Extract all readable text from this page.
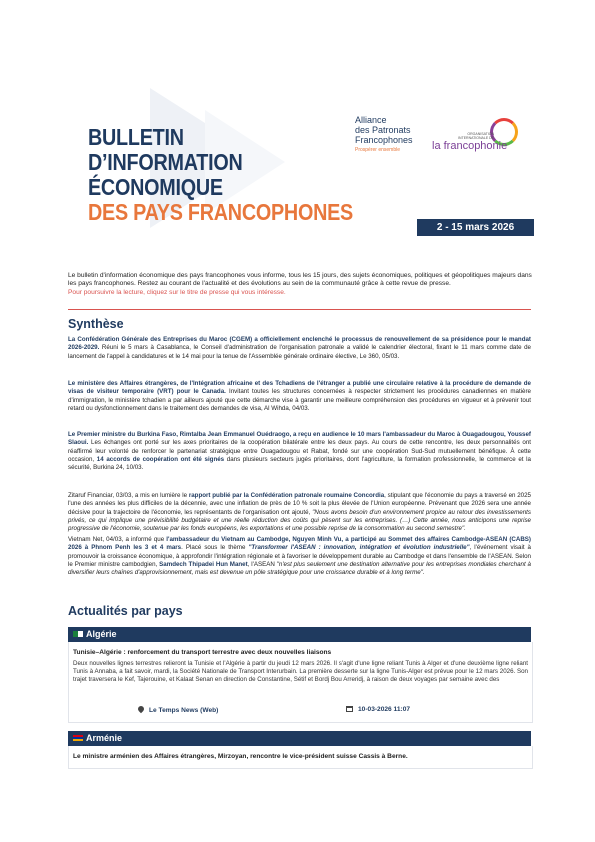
BULLETIN
D’INFORMATION
ÉCONOMIQUE
DES PAYS FRANCOPHONES
Alliance
des Patronats
Francophones
Prospérer ensemble
ORGANISATION INTERNATIONALE DE
la francophonie
2 - 15 mars 2026
Le bulletin d'information économique des pays francophones vous informe, tous les 15 jours, des sujets économiques, politiques et géopolitiques majeurs dans les pays francophones. Restez au courant de l'actualité et des évolutions au sein de la communauté grâce à cette revue de presse.
Pour poursuivre la lecture, cliquez sur le titre de presse qui vous intéresse.
Synthèse

La Confédération Générale des Entreprises du Maroc (CGEM) a officiellement enclenché le processus de renouvellement de sa présidence pour le mandat 2026-2029. Réuni le 5 mars à Casablanca, le Conseil d'administration de l'organisation patronale a validé le calendrier électoral, fixant le 11 mars comme date de lancement de l'appel à candidatures et le 14 mai pour la tenue de l'Assemblée générale ordinaire élective, Le 360, 05/03.

Le ministère des Affaires étrangères, de l'Intégration africaine et des Tchadiens de l'étranger a publié une circulaire relative à la procédure de demande de visas de visiteur temporaire (VRT) pour le Canada. Invitant toutes les structures concernées à respecter strictement les procédures canadiennes en matière d'immigration, le ministère tchadien a par ailleurs ajouté que cette démarche vise à garantir une meilleure compréhension des procédures en vigueur et à prévenir tout retard ou dysfonctionnement dans le traitement des demandes de visa, Al Wihda, 04/03.

Le Premier ministre du Burkina Faso, Rimtalba Jean Emmanuel Ouédraogo, a reçu en audience le 10 mars l'ambassadeur du Maroc à Ouagadougou, Youssef Slaoui. Les échanges ont porté sur les axes prioritaires de la coopération bilatérale entre les deux pays. Au cours de cette rencontre, les deux personnalités ont réaffirmé leur volonté de renforcer le partenariat stratégique entre Ouagadougou et Rabat, fondé sur une coopération Sud-Sud mutuellement bénéfique. À cette occasion, 14 accords de coopération ont été signés dans plusieurs secteurs jugés prioritaires, dont l'agriculture, la formation professionnelle, le commerce et la sécurité, Burkina 24, 10/03.

Zitaruf Financiar, 03/03, a mis en lumière le rapport publié par la Confédération patronale roumaine Concordia, stipulant que l'économie du pays a traversé en 2025 l'une des années les plus difficiles de la décennie, avec une inflation de près de 10 % soit la plus élevée de l'Union européenne. Prévenant que 2026 sera une année décisive pour la trajectoire de l'économie, les représentants de l'organisation ont ajouté, "Nous avons besoin d'un environnement propice au retour des investissements privés, ce qui implique une prévisibilité budgétaire et une réelle réduction des coûts qui pèsent sur les entreprises. (…) Cette année, nous anticipons une reprise progressive de l'économie, soutenue par les fonds européens, les exportations et une possible reprise de la consommation au second semestre".

Vietnam Net, 04/03, a informé que l'ambassadeur du Vietnam au Cambodge, Nguyen Minh Vu, a participé au Sommet des affaires Cambodge-ASEAN (CABS) 2026 à Phnom Penh les 3 et 4 mars. Placé sous le thème "Transformer l'ASEAN : innovation, intégration et évolution industrielle", l'événement visait à promouvoir la croissance économique, à approfondir l'intégration régionale et à favoriser le développement durable au Cambodge et dans l'ensemble de l'ASEAN. Selon le Premier ministre cambodgien, Samdech Thipadei Hun Manet, l'ASEAN "n'est plus seulement une destination alternative pour les entreprises mondiales cherchant à diversifier leurs chaînes d'approvisionnement, mais est devenue un pôle stratégique pour une croissance durable et à long terme".

Actualités par pays
Algérie
Tunisie–Algérie : renforcement du transport terrestre avec deux nouvelles liaisons
Deux nouvelles lignes terrestres relieront la Tunisie et l'Algérie à partir du jeudi 12 mars 2026. Il s'agit d'une ligne reliant Tunis à Alger et d'une deuxième ligne reliant Tunis à Annaba, a fait savoir, mardi, la Société Nationale de Transport Interurbain. La première desserte sur la ligne Tunis-Alger est prévue pour le 12 mars 2026. Son trajet traversera le Kef, Tajerouine, et Kalaat Senan en direction de Constantine, Sétif et Bordj Bou Arreridj, à raison de deux voyages par semaine avec des
Le Temps News (Web)	10-03-2026 11:07
Arménie
Le ministre arménien des Affaires étrangères, Mirzoyan, rencontre le vice-président suisse Cassis à Berne.
